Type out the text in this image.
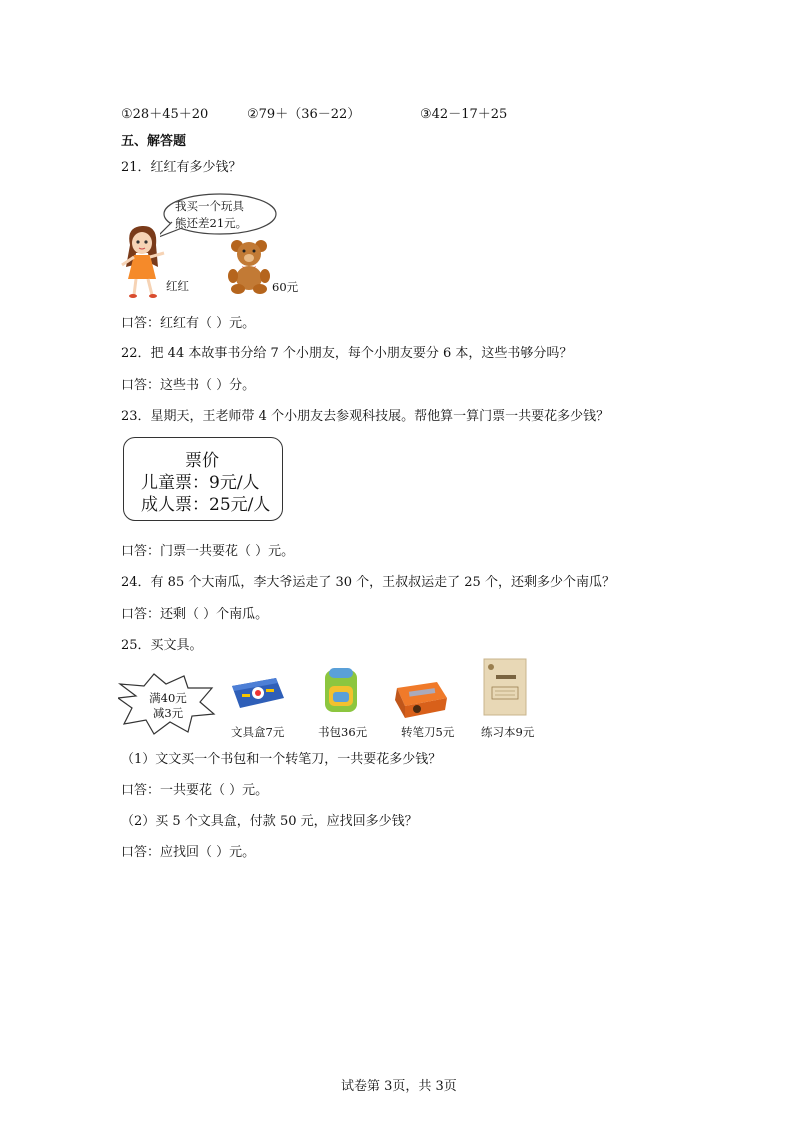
①28＋45＋20	②79＋（36－22）	③42－17＋25
五、解答题
21．红红有多少钱？
我买一个玩具
熊还差21元。
红红	60元
口答：红红有（ ）元。
22．把 44 本故事书分给 7 个小朋友，每个小朋友要分 6 本，这些书够分吗？
口答：这些书（ ）分。
23．星期天，王老师带 4 个小朋友去参观科技展。帮他算一算门票一共要花多少钱？
票价
儿童票：9元/人
成人票：25元/人
口答：门票一共要花（ ）元。
24．有 85 个大南瓜，李大爷运走了 30 个，王叔叔运走了 25 个，还剩多少个南瓜？
口答：还剩（ ）个南瓜。
25．买文具。
满40元
减3元
文具盒7元	书包36元	转笔刀5元 练习本9元
（1）文文买一个书包和一个转笔刀，一共要花多少钱？
口答：一共要花（ ）元。
（2）买 5 个文具盒，付款 50 元，应找回多少钱？
口答：应找回（ ）元。
试卷第 3页，共 3页
